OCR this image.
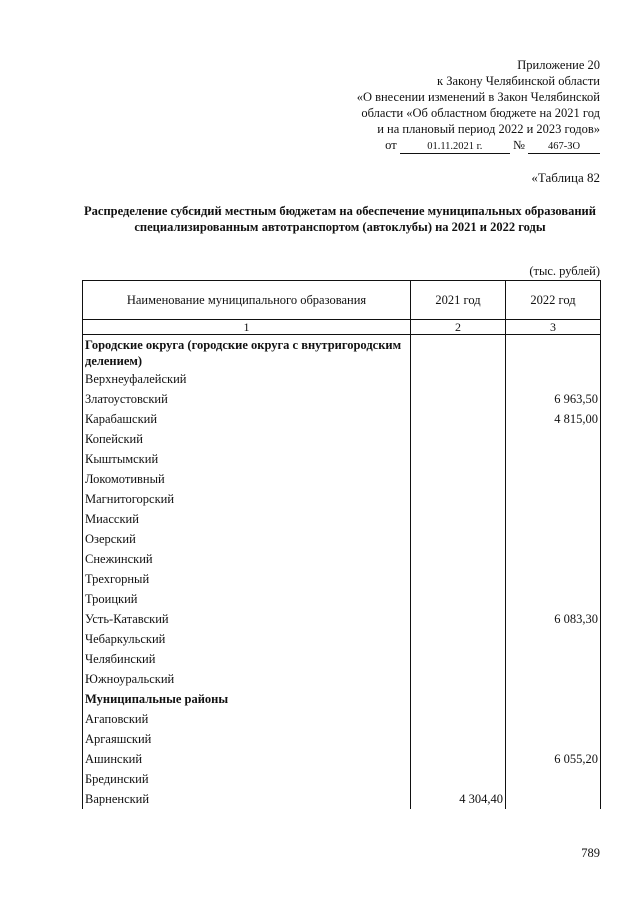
Приложение 20
к Закону Челябинской области
«О внесении изменений в Закон Челябинской
области «Об областном бюджете на 2021 год
и на плановый период 2022 и 2023 годов»
от	01.11.2021 г. № 467-ЗО
«Таблица 82
Распределение субсидий местным бюджетам на обеспечение муниципальных образований специализированным автотранспортом (автоклубы) на 2021 и 2022 годы
(тыс. рублей)
Наименование муниципального образования	2021 год	2022 год
1	2	3
Городские округа (городские округа с внутригородским делением)		
Верхнеуфалейский		
Златоустовский		6 963,50
Карабашский		4 815,00
Копейский		
Кыштымский		
Локомотивный		
Магнитогорский		
Миасский		
Озерский		
Снежинский		
Трехгорный		
Троицкий		
Усть-Катавский		6 083,30
Чебаркульский		
Челябинский		
Южноуральский		
Муниципальные районы		
Агаповский		
Аргаяшский		
Ашинский		6 055,20
Брединский		
Варненский	4 304,40	
789
